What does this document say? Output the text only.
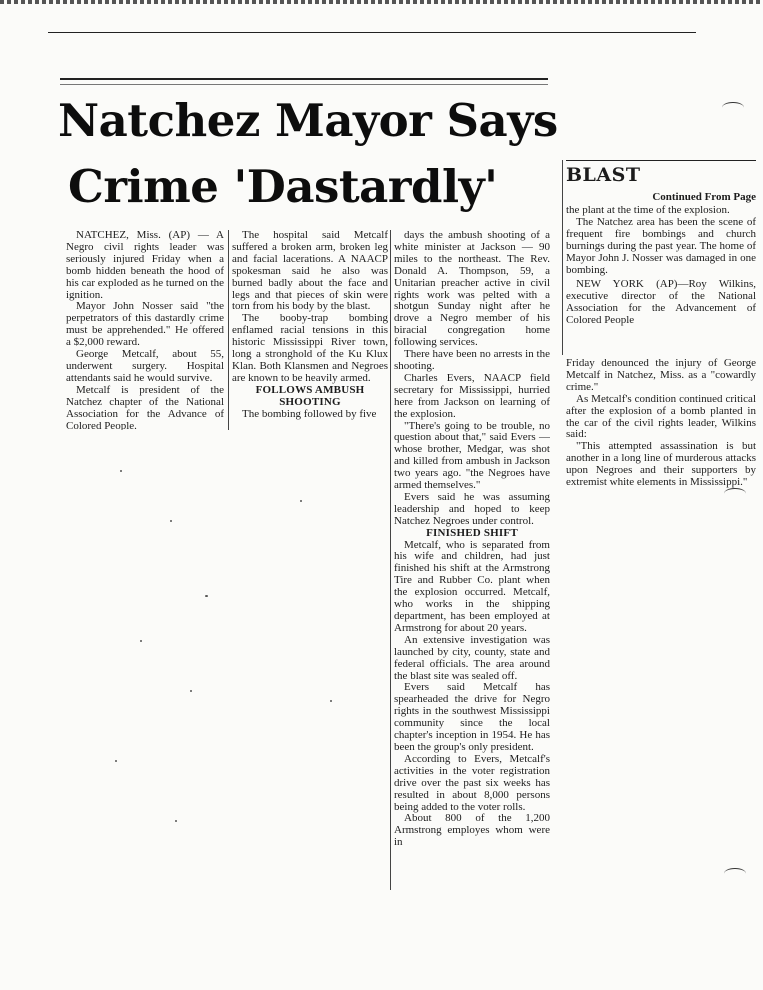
Natchez Mayor Says
Crime 'Dastardly'

NATCHEZ, Miss. (AP) — A Negro civil rights leader was seriously injured Friday when a bomb hidden beneath the hood of his car exploded as he turned on the ignition.

Mayor John Nosser said "the perpetrators of this dastardly crime must be apprehended." He offered a $2,000 reward.

George Metcalf, about 55, underwent surgery. Hospital attendants said he would survive.

Metcalf is president of the Natchez chapter of the National Association for the Advance of Colored People.

The hospital said Metcalf suffered a broken arm, broken leg and facial lacerations. A NAACP spokesman said he also was burned badly about the face and legs and that pieces of skin were torn from his body by the blast.

The booby-trap bombing enflamed racial tensions in this historic Mississippi River town, long a stronghold of the Ku Klux Klan. Both Klansmen and Negroes are known to be heavily armed.

FOLLOWS AMBUSH SHOOTING

The bombing followed by five

days the ambush shooting of a white minister at Jackson — 90 miles to the northeast. The Rev. Donald A. Thompson, 59, a Unitarian preacher active in civil rights work was pelted with a shotgun Sunday night after he drove a Negro member of his biracial congregation home following services.

There have been no arrests in the shooting.

Charles Evers, NAACP field secretary for Mississippi, hurried here from Jackson on learning of the explosion.

"There's going to be trouble, no question about that," said Evers — whose brother, Medgar, was shot and killed from ambush in Jackson two years ago. "the Negroes have armed themselves."

Evers said he was assuming leadership and hoped to keep Natchez Negroes under control.

FINISHED SHIFT

Metcalf, who is separated from his wife and children, had just finished his shift at the Armstrong Tire and Rubber Co. plant when the explosion occurred. Metcalf, who works in the shipping department, has been employed at Armstrong for about 20 years.

An extensive investigation was launched by city, county, state and federal officials. The area around the blast site was sealed off.

Evers said Metcalf has spearheaded the drive for Negro rights in the southwest Mississippi community since the local chapter's inception in 1954. He has been the group's only president.

According to Evers, Metcalf's activities in the voter registration drive over the past six weeks has resulted in about 8,000 persons being added to the voter rolls.

About 800 of the 1,200 Armstrong employes whom were in

BLAST

Continued From Page

the plant at the time of the explosion.

The Natchez area has been the scene of frequent fire bombings and church burnings during the past year. The home of Mayor John J. Nosser was damaged in one bombing.

NEW YORK (AP)—Roy Wilkins, executive director of the National Association for the Advancement of Colored People

Friday denounced the injury of George Metcalf in Natchez, Miss. as a "cowardly crime."

As Metcalf's condition continued critical after the explosion of a bomb planted in the car of the civil rights leader, Wilkins said:

"This attempted assassination is but another in a long line of murderous attacks upon Negroes and their supporters by extremist white elements in Mississippi."
